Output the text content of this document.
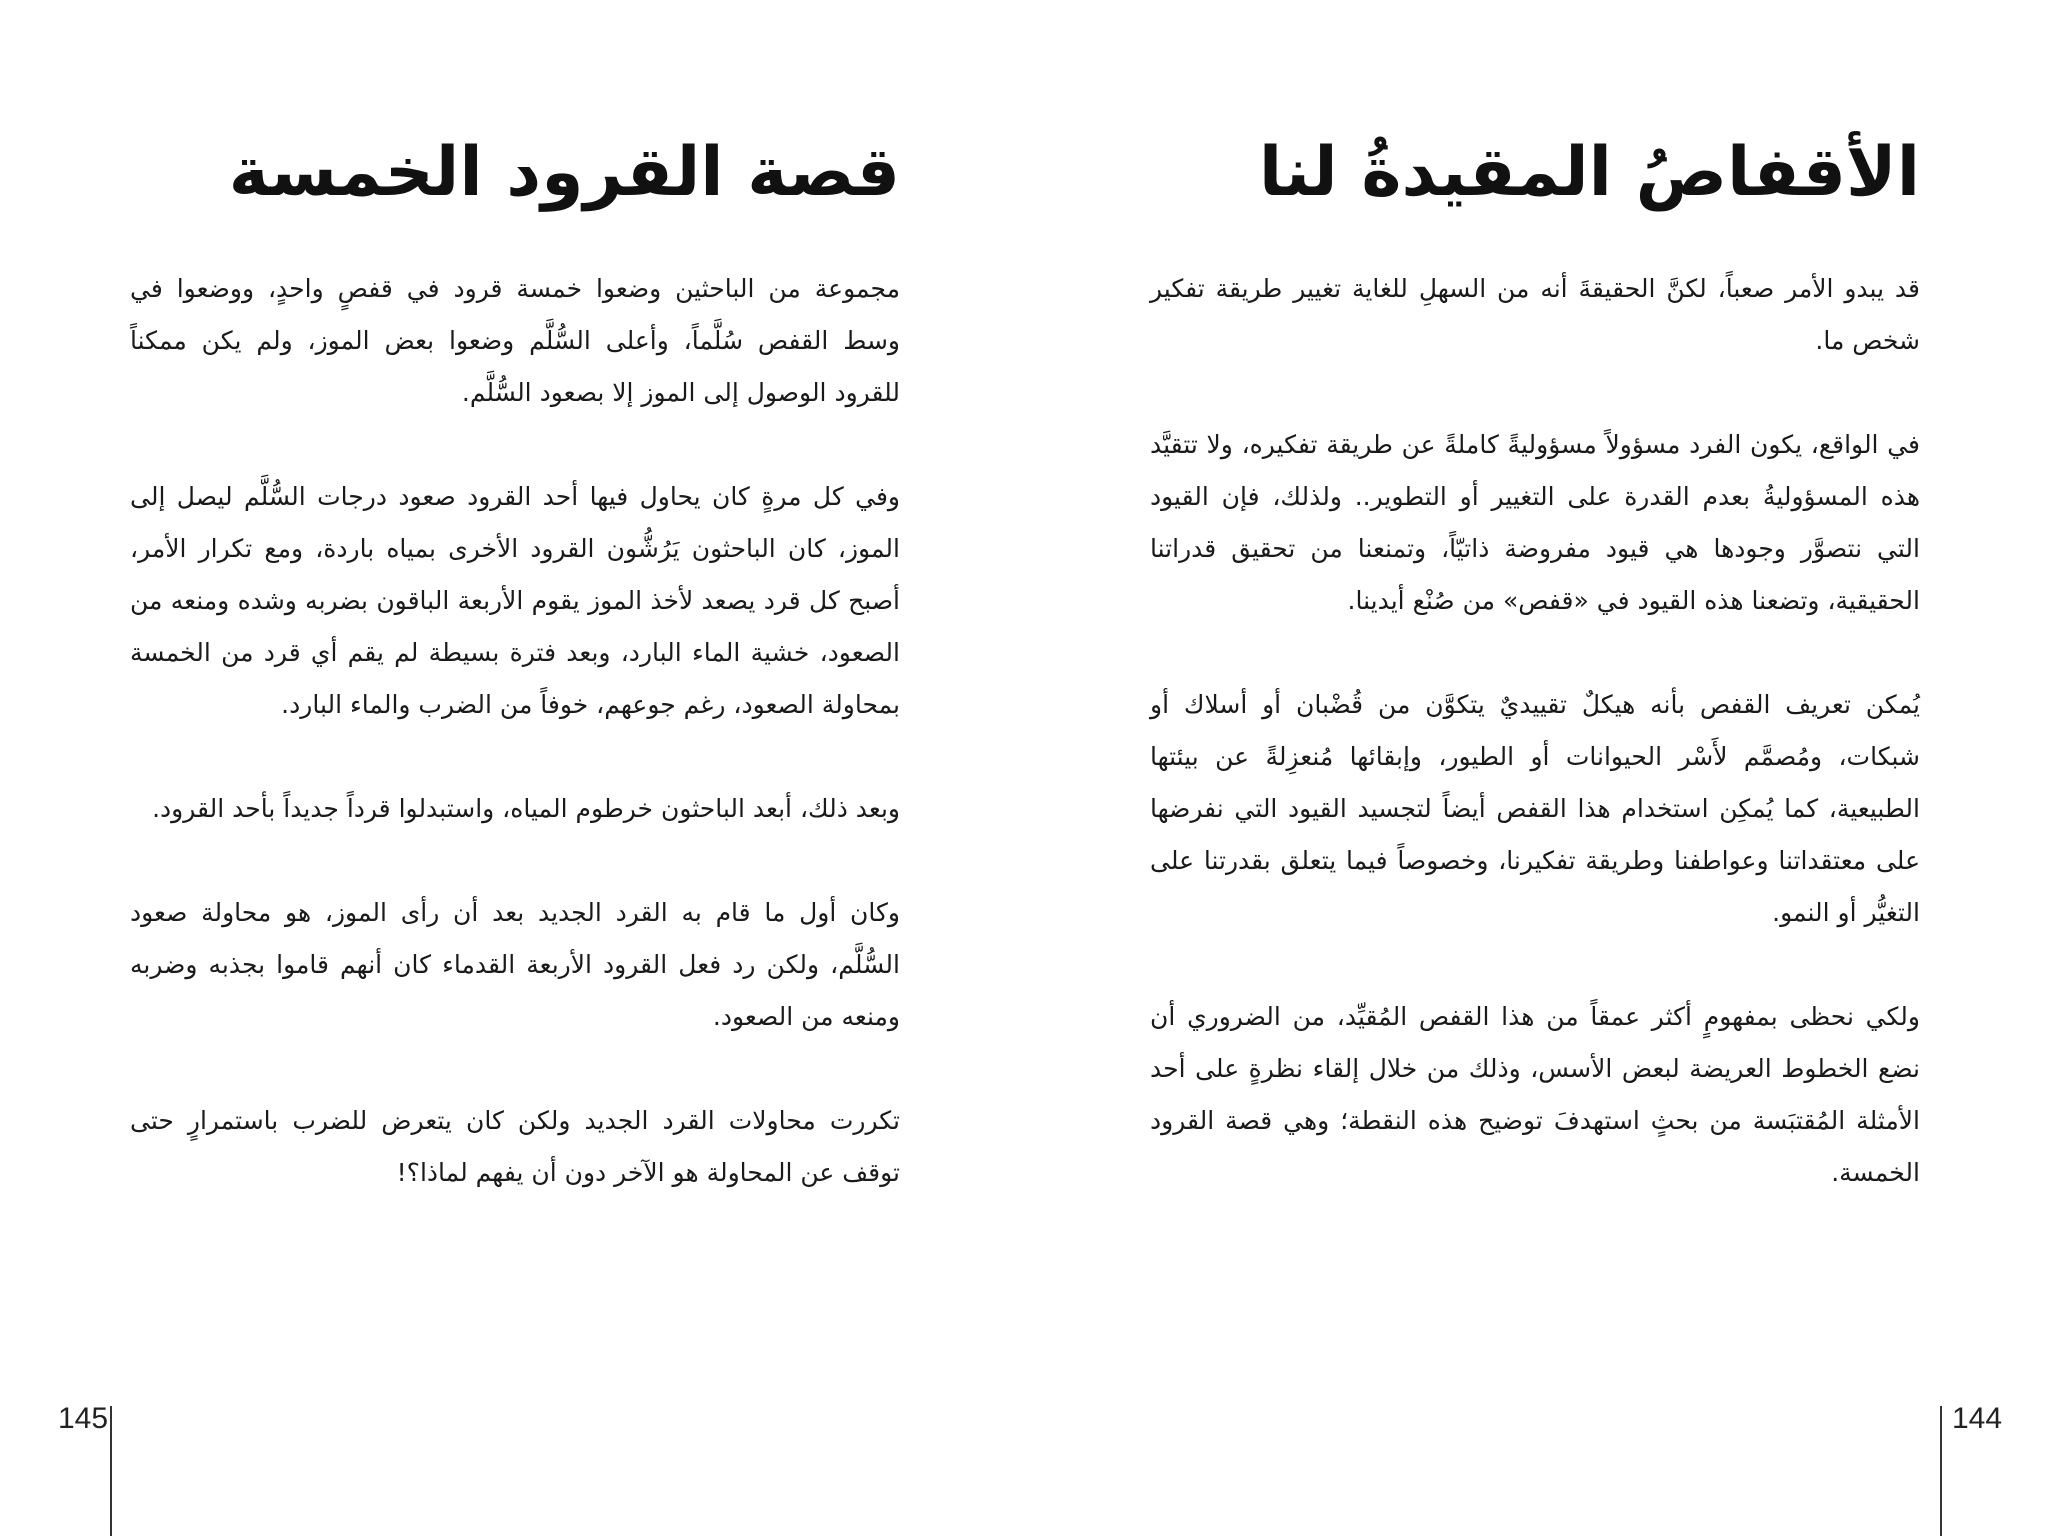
قصة القرود الخمسة

مجموعة من الباحثين وضعوا خمسة قرود في قفصٍ واحدٍ، ووضعوا في وسط القفص سُلَّماً، وأعلى السُّلَّم وضعوا بعض الموز، ولم يكن ممكناً للقرود الوصول إلى الموز إلا بصعود السُّلَّم.

وفي كل مرةٍ كان يحاول فيها أحد القرود صعود درجات السُّلَّم ليصل إلى الموز، كان الباحثون يَرُشُّون القرود الأخرى بمياه باردة، ومع تكرار الأمر، أصبح كل قرد يصعد لأخذ الموز يقوم الأربعة الباقون بضربه وشده ومنعه من الصعود، خشية الماء البارد، وبعد فترة بسيطة لم يقم أي قرد من الخمسة بمحاولة الصعود، رغم جوعهم، خوفاً من الضرب والماء البارد.

وبعد ذلك، أبعد الباحثون خرطوم المياه، واستبدلوا قرداً جديداً بأحد القرود.

وكان أول ما قام به القرد الجديد بعد أن رأى الموز، هو محاولة صعود السُّلَّم، ولكن رد فعل القرود الأربعة القدماء كان أنهم قاموا بجذبه وضربه ومنعه من الصعود.

تكررت محاولات القرد الجديد ولكن كان يتعرض للضرب باستمرارٍ حتى توقف عن المحاولة هو الآخر دون أن يفهم لماذا؟!

الأقفاصُ المقيدةُ لنا

قد يبدو الأمر صعباً، لكنَّ الحقيقةَ أنه من السهلِ للغاية تغيير طريقة تفكير شخص ما.

في الواقع، يكون الفرد مسؤولاً مسؤوليةً كاملةً عن طريقة تفكيره، ولا تتقيَّد هذه المسؤوليةُ بعدم القدرة على التغيير أو التطوير.. ولذلك، فإن القيود التي نتصوَّر وجودها هي قيود مفروضة ذاتيّاً، وتمنعنا من تحقيق قدراتنا الحقيقية، وتضعنا هذه القيود في «قفص» من صُنْع أيدينا.

يُمكن تعريف القفص بأنه هيكلٌ تقييديٌ يتكوَّن من قُضْبان أو أسلاك أو شبكات، ومُصمَّم لأَسْر الحيوانات أو الطيور، وإبقائها مُنعزِلةً عن بيئتها الطبيعية، كما يُمكِن استخدام هذا القفص أيضاً لتجسيد القيود التي نفرضها على معتقداتنا وعواطفنا وطريقة تفكيرنا، وخصوصاً فيما يتعلق بقدرتنا على التغيُّر أو النمو.

ولكي نحظى بمفهومٍ أكثر عمقاً من هذا القفص المُقيِّد، من الضروري أن نضع الخطوط العريضة لبعض الأسس، وذلك من خلال إلقاء نظرةٍ على أحد الأمثلة المُقتبَسة من بحثٍ استهدفَ توضيح هذه النقطة؛ وهي قصة القرود الخمسة.

145	144
